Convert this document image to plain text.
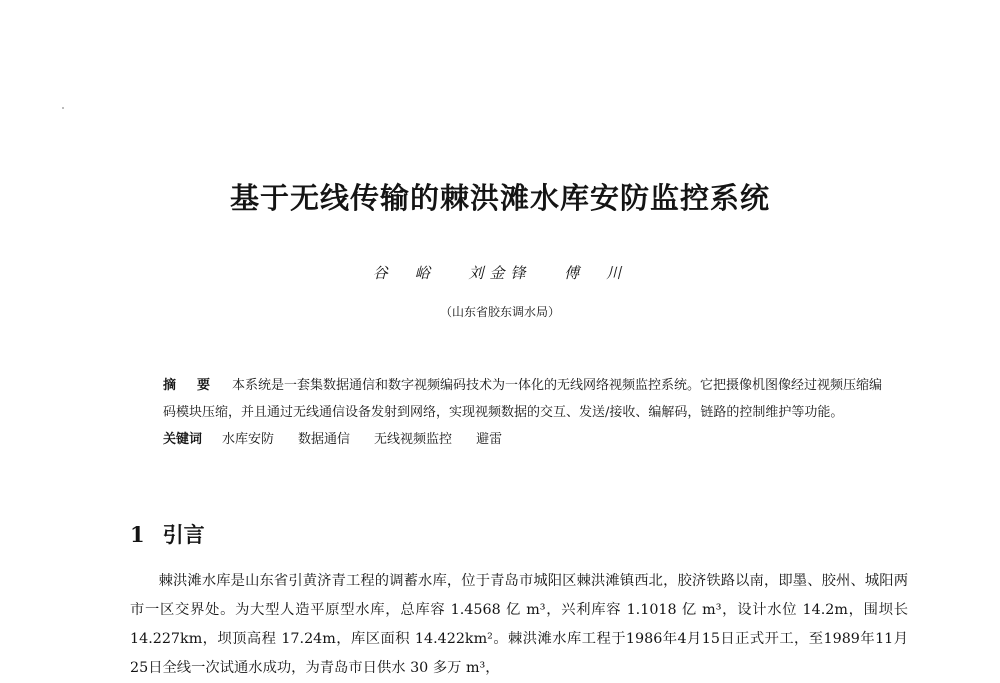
基于无线传输的棘洪滩水库安防监控系统
谷　峪 刘金锋 傅　川
（山东省胶东调水局）

摘　要 本系统是一套集数据通信和数字视频编码技术为一体化的无线网络视频监控系统。它把摄像机图像经过视频压缩编码模块压缩，并且通过无线通信设备发射到网络，实现视频数据的交互、发送/接收、编解码，链路的控制维护等功能。

关键词 水库安防 数据通信 无线视频监控 避雷

1 引言

棘洪滩水库是山东省引黄济青工程的调蓄水库，位于青岛市城阳区棘洪滩镇西北，胶济铁路以南，即墨、胶州、城阳两市一区交界处。为大型人造平原型水库，总库容 1.4568 亿 m³，兴利库容 1.1018 亿 m³，设计水位 14.2m，围坝长 14.227km，坝顶高程 17.24m，库区面积 14.422km²。棘洪滩水库工程于1986年4月15日正式开工，至1989年11月25日全线一次试通水成功，为青岛市日供水 30 多万 m³，
